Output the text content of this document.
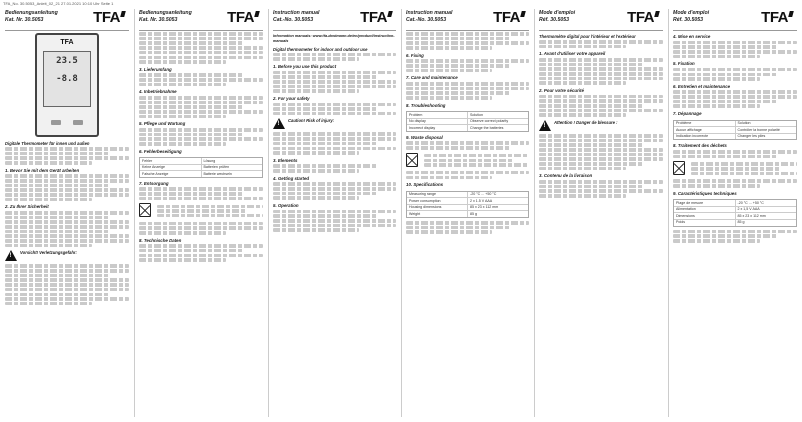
TFA_No. 30.5053_Anleit_02_21 27.01.2021 10:10 Uhr Seite 1
Bedienungsanleitung
Kat. Nr. 30.5053	TFA
TFA
23.5
-8.8
Digitale Thermometer für innen und außen
1. Bevor Sie mit dem Gerät arbeiten
2. Zu Ihrer Sicherheit
!
Vorsicht! Verletzungsgefahr:
Bedienungsanleitung
Kat. Nr. 30.5053	TFA
3. Lieferumfang
4. Inbetriebnahme
5. Pflege und Wartung
6. Fehlerbeseitigung
Fehler	Lösung
Keine Anzeige	Batterien prüfen
Falsche Anzeige	Batterie wechseln
7. Entsorgung
8. Technische Daten
Instruction manual
Cat.-No. 30.5053	TFA
Information manuals: www.tfa-dostmann.de/en/product/instruction-manuals
Digital thermometer for indoor and outdoor use
1. Before you use this product
2. For your safety
!
Caution! Risk of injury:
3. Elements
4. Getting started
5. Operation
Instruction manual
Cat.-No. 30.5053	TFA
6. Fixing
7. Care and maintenance
8. Troubleshooting
Problem	Solution
No display	Observe correct polarity
Incorrect display	Change the batteries
9. Waste disposal
10. Specifications
Measuring range	-20 °C ... +50 °C
Power consumption	2 x 1.5 V AAA
Housing dimensions	85 x 23 x 112 mm
Weight	85 g
Mode d'emploi
Réf. 30.5053	TFA
Thermomètre digital pour l'intérieur et l'extérieur
1. Avant d'utiliser votre appareil
2. Pour votre sécurité
!
Attention ! Danger de blessure :
3. Contenu de la livraison
Mode d'emploi
Réf. 30.5053	TFA
4. Mise en service
5. Fixation
6. Entretien et maintenance
7. Dépannage
Problème	Solution
Aucun affichage	Contrôler la bonne polarité
Indication incorrecte	Changer les piles
8. Traitement des déchets
9. Caractéristiques techniques
Plage de mesure	-20 °C ... +50 °C
Alimentation	2 x 1,5 V AAA
Dimensions	85 x 23 x 112 mm
Poids	85 g
